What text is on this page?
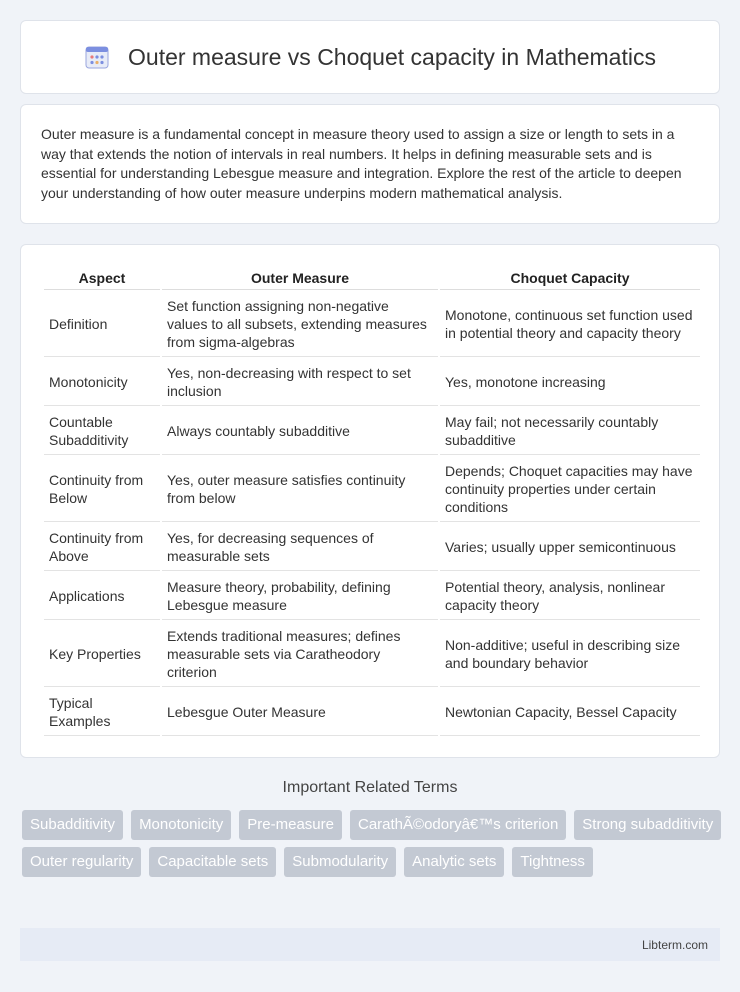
Outer measure vs Choquet capacity in Mathematics

Outer measure is a fundamental concept in measure theory used to assign a size or length to sets in a way that extends the notion of intervals in real numbers. It helps in defining measurable sets and is essential for understanding Lebesgue measure and integration. Explore the rest of the article to deepen your understanding of how outer measure underpins modern mathematical analysis.

Aspect	Outer Measure	Choquet Capacity
Definition	Set function assigning non-negative values to all subsets, extending measures from sigma-algebras	Monotone, continuous set function used in potential theory and capacity theory
Monotonicity	Yes, non-decreasing with respect to set inclusion	Yes, monotone increasing
Countable Subadditivity	Always countably subadditive	May fail; not necessarily countably subadditive
Continuity from Below	Yes, outer measure satisfies continuity from below	Depends; Choquet capacities may have continuity properties under certain conditions
Continuity from Above	Yes, for decreasing sequences of measurable sets	Varies; usually upper semicontinuous
Applications	Measure theory, probability, defining Lebesgue measure	Potential theory, analysis, nonlinear capacity theory
Key Properties	Extends traditional measures; defines measurable sets via Caratheodory criterion	Non-additive; useful in describing size and boundary behavior
Typical Examples	Lebesgue Outer Measure	Newtonian Capacity, Bessel Capacity
Important Related Terms
Subadditivity	Monotonicity	Pre-measure	CarathÃ©odoryâ€™s criterion	Strong subadditivity
Outer regularity	Capacitable sets	Submodularity	Analytic sets	Tightness
Libterm.com
